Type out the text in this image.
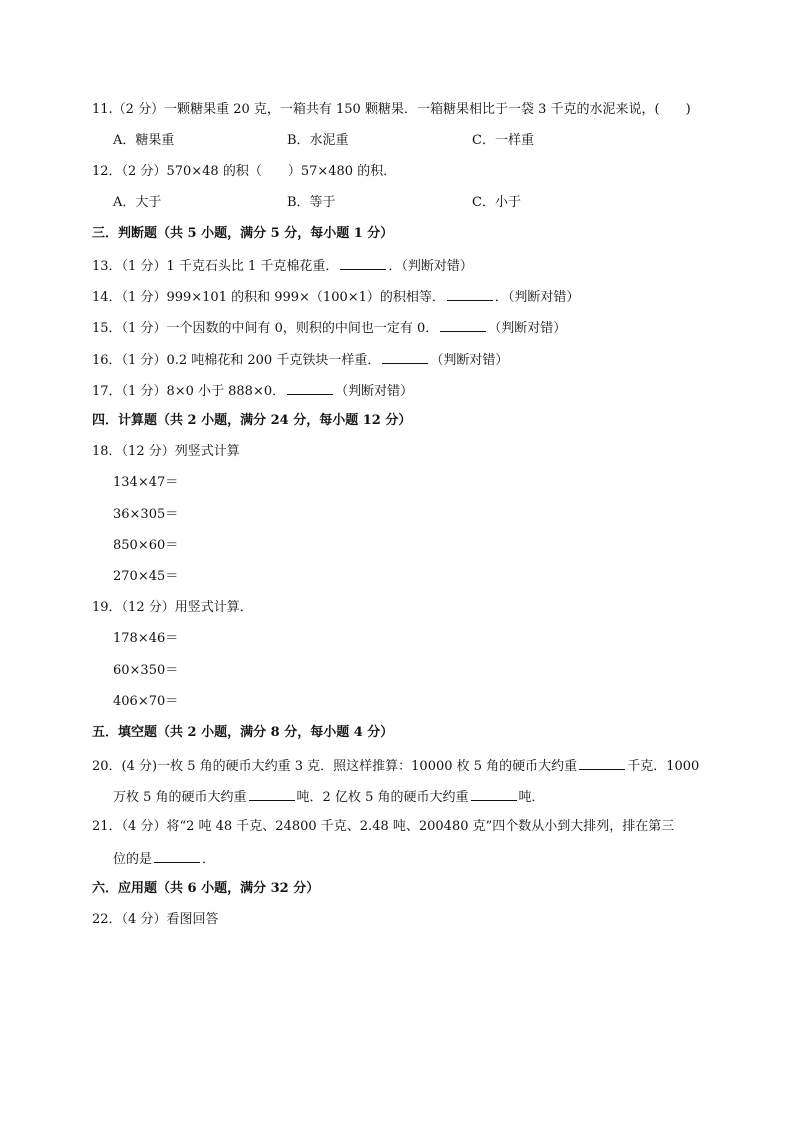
11.（2 分）一颗糖果重 20 克，一箱共有 150 颗糖果．一箱糖果相比于一袋 3 千克的水泥来说，(　　)
A．糖果重	B．水泥重	C．一样重
12．（2 分）570×48 的积（　　）57×480 的积．
A．大于	B．等于	C．小于
三．判断题（共 5 小题，满分 5 分，每小题 1 分）
13．（1 分）1 千克石头比 1 千克棉花重．	．（判断对错）
14．（1 分）999×101 的积和 999×（100×1）的积相等．	．（判断对错）
15．（1 分）一个因数的中间有 0，则积的中间也一定有 0．	（判断对错）
16．（1 分）0.2 吨棉花和 200 千克铁块一样重．	（判断对错）
17．（1 分）8×0 小于 888×0．	（判断对错）
四．计算题（共 2 小题，满分 24 分，每小题 12 分）
18．（12 分）列竖式计算
134×47＝
36×305＝
850×60＝
270×45＝
19．（12 分）用竖式计算．
178×46＝
60×350＝
406×70＝
五．填空题（共 2 小题，满分 8 分，每小题 4 分）
20．(4 分)一枚 5 角的硬币大约重 3 克．照这样推算：10000 枚 5 角的硬币大约重	千克．1000
万枚 5 角的硬币大约重	吨．2 亿枚 5 角的硬币大约重	吨．
21．（4 分）将“2 吨 48 千克、24800 千克、2.48 吨、200480 克”四个数从小到大排列，排在第三
位的是	．
六．应用题（共 6 小题，满分 32 分）
22．（4 分）看图回答
